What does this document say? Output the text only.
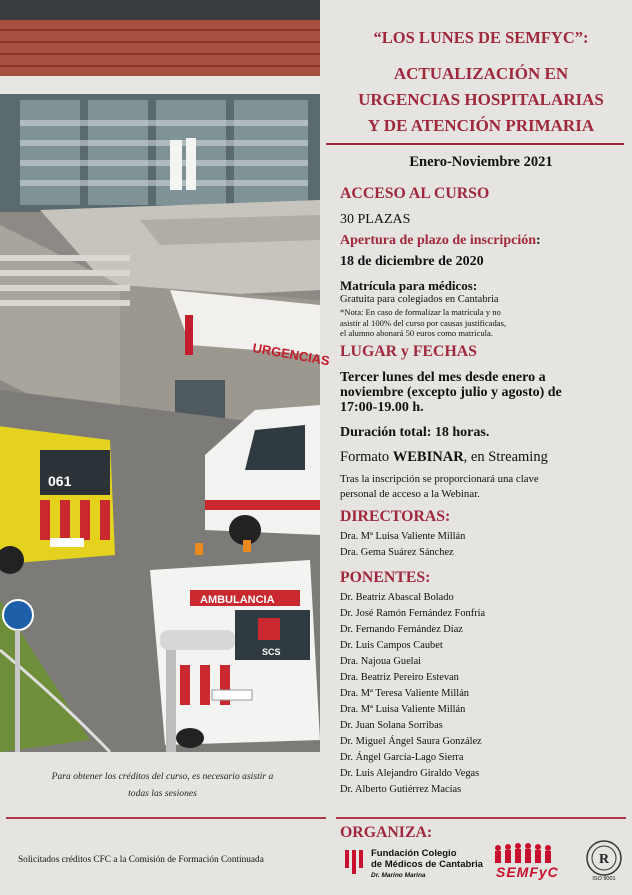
URGENCIAS
061
AMBULANCIA
SCS
Para obtener los créditos del curso, es necesario asistir a
todas las sesiones
Solicitados créditos CFC a la Comisión de Formación Continuada
“LOS LUNES DE SEMFYC”:
ACTUALIZACIÓN EN
URGENCIAS HOSPITALARIAS
Y DE ATENCIÓN PRIMARIA
Enero-Noviembre 2021
ACCESO AL CURSO
30 PLAZAS
Apertura de plazo de inscripción:
18 de diciembre de 2020
Matrícula para médicos:
Gratuita para colegiados en Cantabria
*Nota: En caso de formalizar la matrícula y no
asistir al 100% del curso por causas justificadas,
el alumno abonará 50 euros como matrícula.
LUGAR y FECHAS
Tercer lunes del mes desde enero a
noviembre (excepto julio y agosto) de
17:00-19.00 h.
Duración total: 18 horas.
Formato WEBINAR, en Streaming
Tras la inscripción se proporcionará una clave
personal de acceso a la Webinar.
DIRECTORAS:
Dra. Mª Luisa Valiente Millán
Dra. Gema Suárez Sánchez
PONENTES:
Dr. Beatriz Abascal Bolado
Dr. José Ramón Fernández Fonfría
Dr. Fernando Fernández Díaz
Dr. Luis Campos Caubet
Dra. Najoua Guelai
Dra. Beatriz Pereiro Estevan
Dra. Mª Teresa Valiente Millán
Dra. Mª Luisa Valiente Millán
Dr. Juan Solana Sorribas
Dr. Miguel Ángel Saura González
Dr. Ángel García-Lago Sierra
Dr. Luis Alejandro Giraldo Vegas
Dr. Alberto Gutiérrez Macías
ORGANIZA:
Fundación Colegio
de Médicos de Cantabria
Dr. Marino Marina	SEMFyC
R
ISO 9001
